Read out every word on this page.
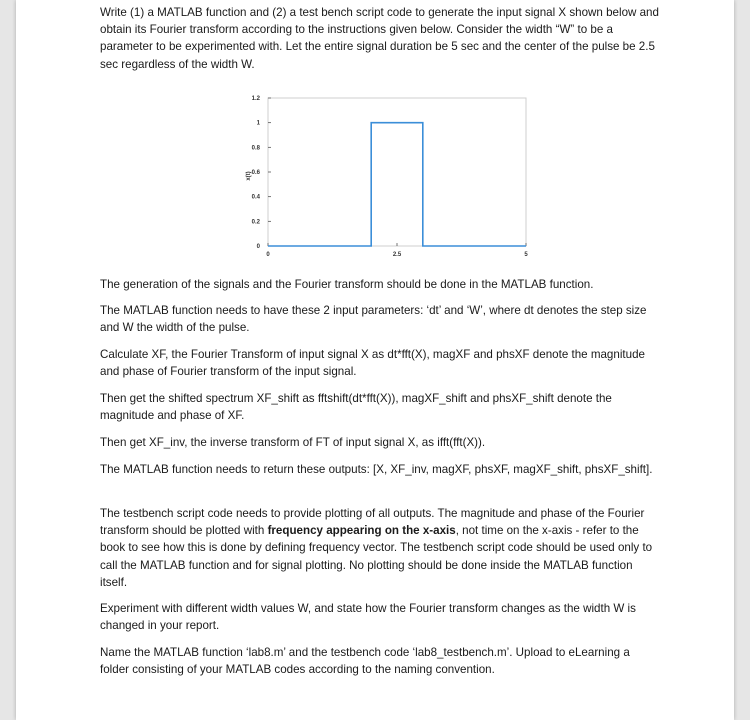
Write (1) a MATLAB function and (2) a test bench script code to generate the input signal X shown below and obtain its Fourier transform according to the instructions given below. Consider the width “W” to be a parameter to be experimented with. Let the entire signal duration be 5 sec and the center of the pulse be 2.5 sec regardless of the width W.

0
0.2
0.4
0.6
0.8
1
1.2
0	2.5	5
x(t)

The generation of the signals and the Fourier transform should be done in the MATLAB function.

The MATLAB function needs to have these 2 input parameters: ‘dt’ and ‘W’, where dt denotes the step size and W the width of the pulse.

Calculate XF, the Fourier Transform of input signal X as dt*fft(X), magXF and phsXF denote the magnitude and phase of Fourier transform of the input signal.

Then get the shifted spectrum XF_shift as fftshift(dt*fft(X)), magXF_shift and phsXF_shift denote the magnitude and phase of XF.

Then get XF_inv, the inverse transform of FT of input signal X, as ifft(fft(X)).

The MATLAB function needs to return these outputs: [X, XF_inv, magXF, phsXF, magXF_shift, phsXF_shift].

The testbench script code needs to provide plotting of all outputs. The magnitude and phase of the Fourier transform should be plotted with frequency appearing on the x-axis, not time on the x-axis - refer to the book to see how this is done by defining frequency vector. The testbench script code should be used only to call the MATLAB function and for signal plotting. No plotting should be done inside the MATLAB function itself.

Experiment with different width values W, and state how the Fourier transform changes as the width W is changed in your report.

Name the MATLAB function ‘lab8.m’ and the testbench code ‘lab8_testbench.m’. Upload to eLearning a folder consisting of your MATLAB codes according to the naming convention.
